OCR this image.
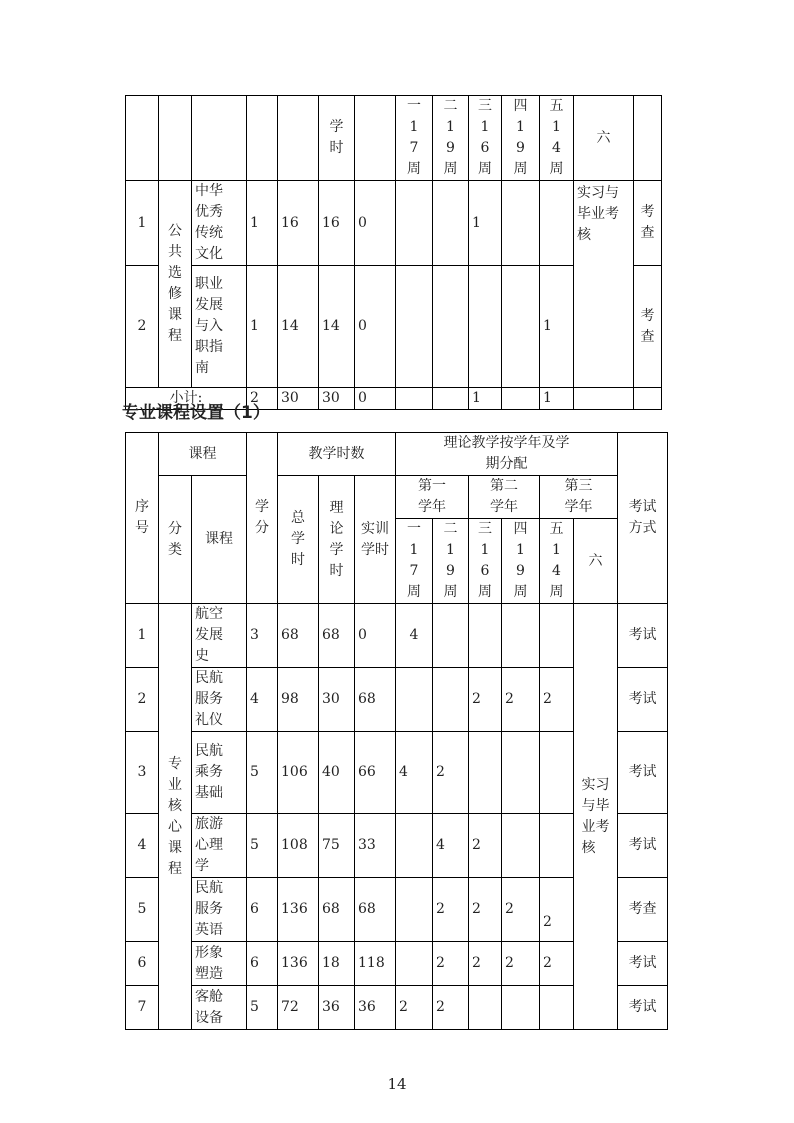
					学时		一 17 周	二 19 周	三 16 周	四 19 周	五 14 周	六	
1	公共选修课程	中华优秀传统文化	1	16	16	0			1			实习与毕业考核	考查
2		职业发展与入职指南	1	14	14	0					1		考查
小计:			2	30	30	0			1		1		
专业课程设置（1）
序号	课程		学分	教学时数			理论教学按学年及学期分配						考试方式
	分类	课程		总学时	理论学时	实训学时	第一学年		第二学年		第三学年		
							一 17 周	二 19 周	三 16 周	四 19 周	五 14 周	六	
1	专业核心课程	航空发展史	3	68	68	0	4					实习与毕业考核	考试
2		民航服务礼仪	4	98	30	68			2	2	2		考试
3		民航乘务基础	5	106	40	66	4	2					考试
4		旅游心理学	5	108	75	33		4	2				考试
5		民航服务英语	6	136	68	68		2	2	2	2		考查
6		形象塑造	6	136	18	118		2	2	2	2		考试
7		客舱设备	5	72	36	36	2	2					考试
14
